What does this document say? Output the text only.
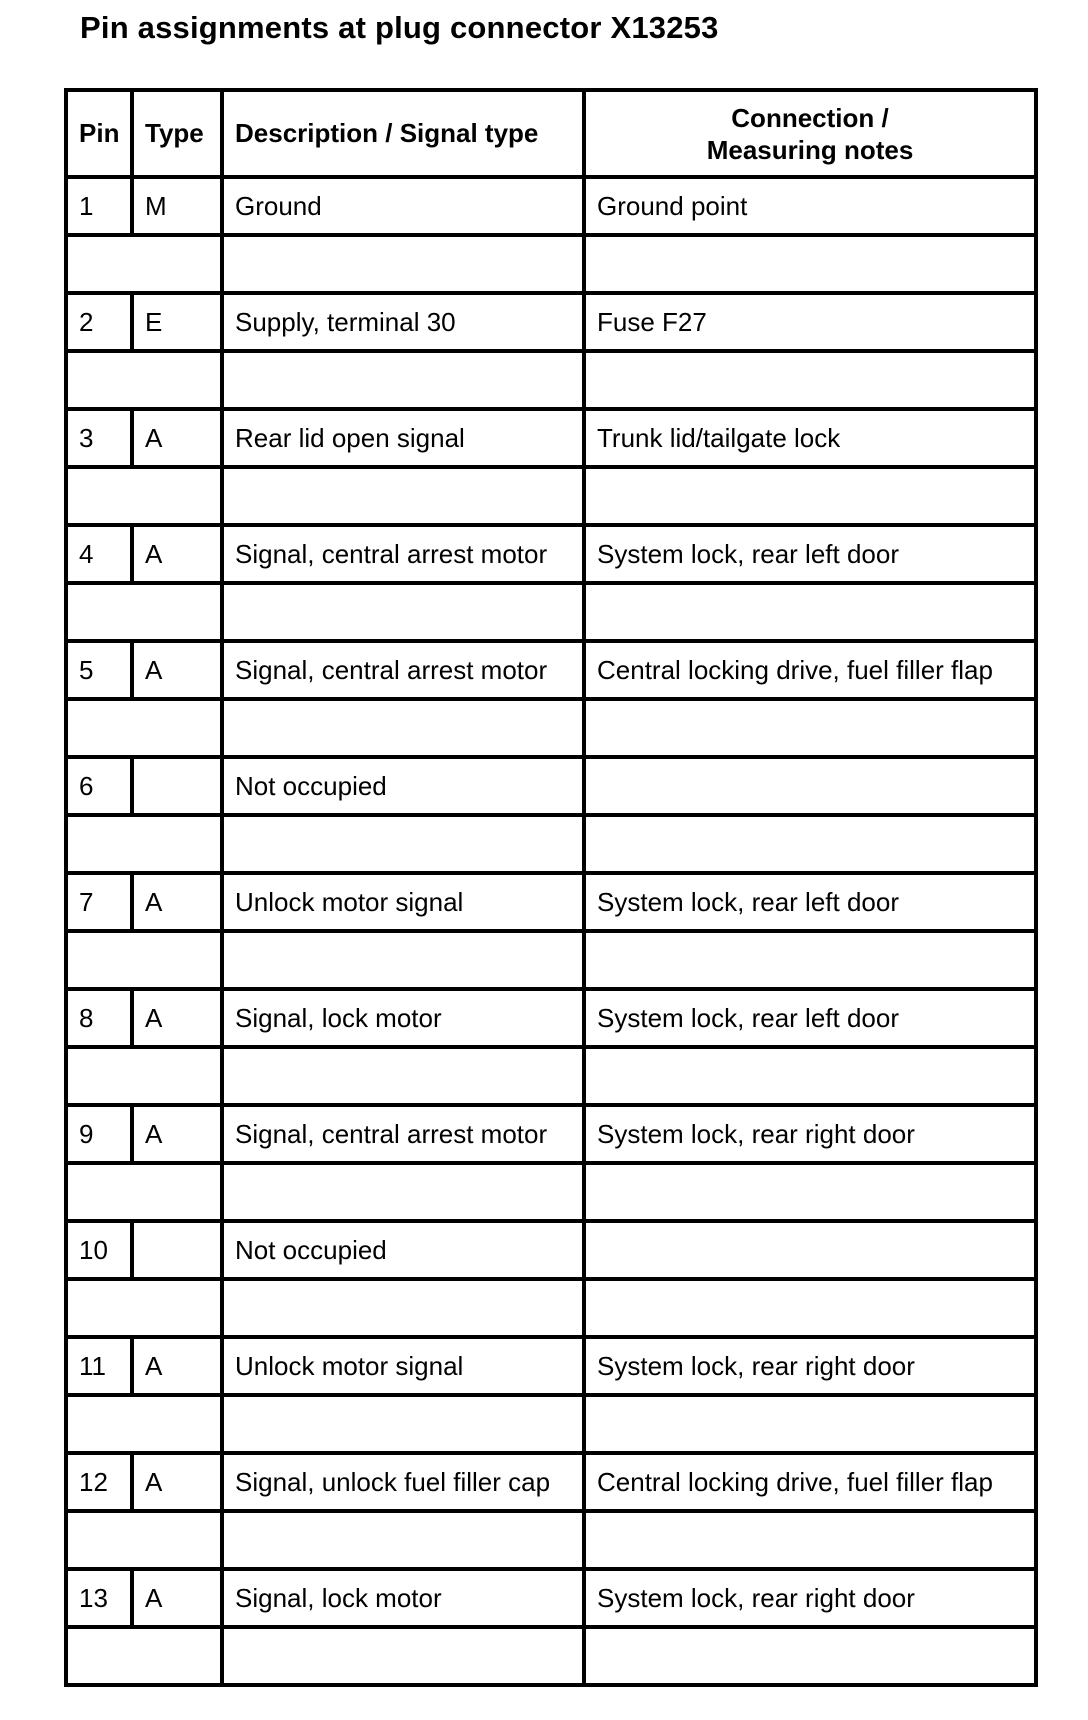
Pin assignments at plug connector X13253
Pin	Type	Description / Signal type	Connection /
Measuring notes
1	M	Ground	Ground point

2	E	Supply, terminal 30	Fuse F27

3	A	Rear lid open signal	Trunk lid/tailgate lock

4	A	Signal, central arrest motor	System lock, rear left door

5	A	Signal, central arrest motor	Central locking drive, fuel filler flap

6		Not occupied	

7	A	Unlock motor signal	System lock, rear left door

8	A	Signal, lock motor	System lock, rear left door

9	A	Signal, central arrest motor	System lock, rear right door

10		Not occupied	

11	A	Unlock motor signal	System lock, rear right door

12	A	Signal, unlock fuel filler cap	Central locking drive, fuel filler flap

13	A	Signal, lock motor	System lock, rear right door
